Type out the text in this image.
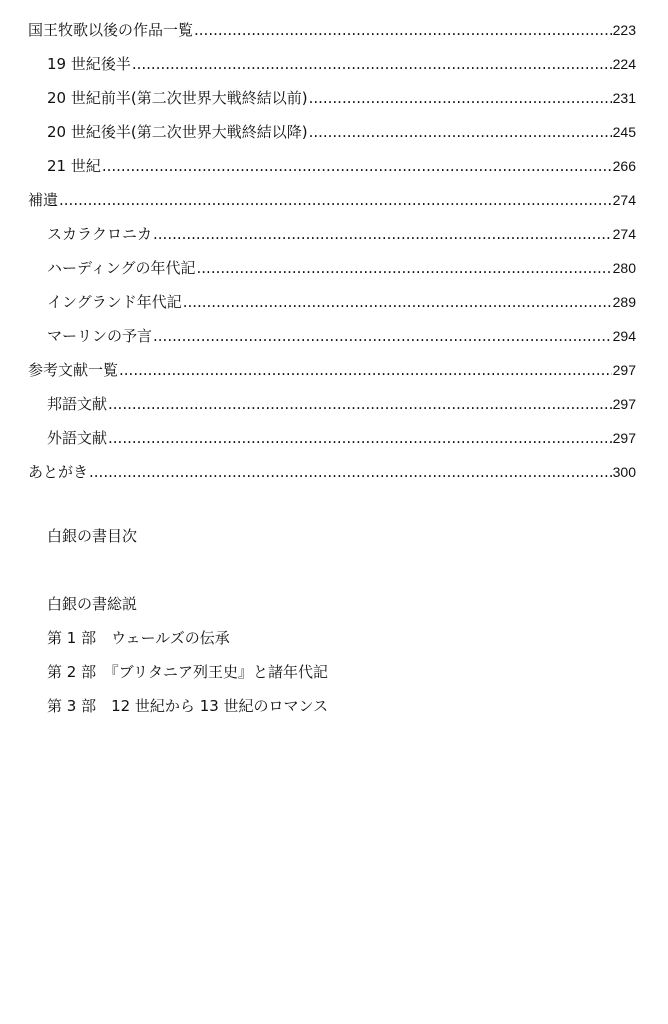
国王牧歌以後の作品一覧 .....	223
19 世紀後半 .....	224
20 世紀前半(第二次世界大戦終結以前) .....	231
20 世紀後半(第二次世界大戦終結以降) .....	245
21 世紀 .....	266
補遺 .....	274
スカラクロニカ .....	274
ハーディングの年代記 .....	280
イングランド年代記 .....	289
マーリンの予言 .....	294
参考文献一覧 .....	297
邦語文献 .....	297
外語文献 .....	297
あとがき .....	300
白銀の書目次
白銀の書総説
第 1 部　ウェールズの伝承
第 2 部　『ブリタニア列王史』と諸年代記
第 3 部　12 世紀から 13 世紀のロマンス
